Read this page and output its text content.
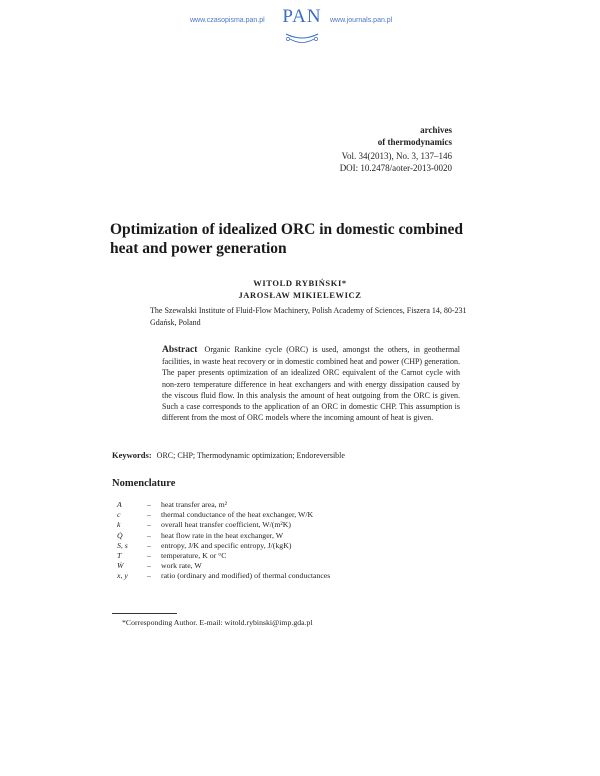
www.czasopisma.pan.pl PAN	www.journals.pan.pl
archives
of thermodynamics
Vol. 34(2013), No. 3, 137–146
DOI: 10.2478/aoter-2013-0020
Optimization of idealized ORC in domestic combined heat and power generation
WITOLD RYBIŃSKI*
JAROSŁAW MIKIELEWICZ
The Szewalski Institute of Fluid-Flow Machinery, Polish Academy of Sciences, Fiszera 14, 80-231 Gdańsk, Poland
Abstract Organic Rankine cycle (ORC) is used, amongst the others, in geothermal facilities, in waste heat recovery or in domestic combined heat and power (CHP) generation. The paper presents optimization of an idealized ORC equivalent of the Carnot cycle with non-zero temperature difference in heat exchangers and with energy dissipation caused by the viscous fluid flow. In this analysis the amount of heat outgoing from the ORC is given. Such a case corresponds to the application of an ORC in domestic CHP. This assumption is different from the most of ORC models where the incoming amount of heat is given.
Keywords: ORC; CHP; Thermodynamic optimization; Endoreversible
Nomenclature
A	–	heat transfer area, m²
c	–	thermal conductance of the heat exchanger, W/K
k	–	overall heat transfer coefficient, W/(m²K)
Q̇	–	heat flow rate in the heat exchanger, W
S, s	–	entropy, J/K and specific entropy, J/(kgK)
T	–	temperature, K or °C
Ẇ	–	work rate, W
x, y	–	ratio (ordinary and modified) of thermal conductances
*Corresponding Author. E-mail: witold.rybinski@imp.gda.pl
